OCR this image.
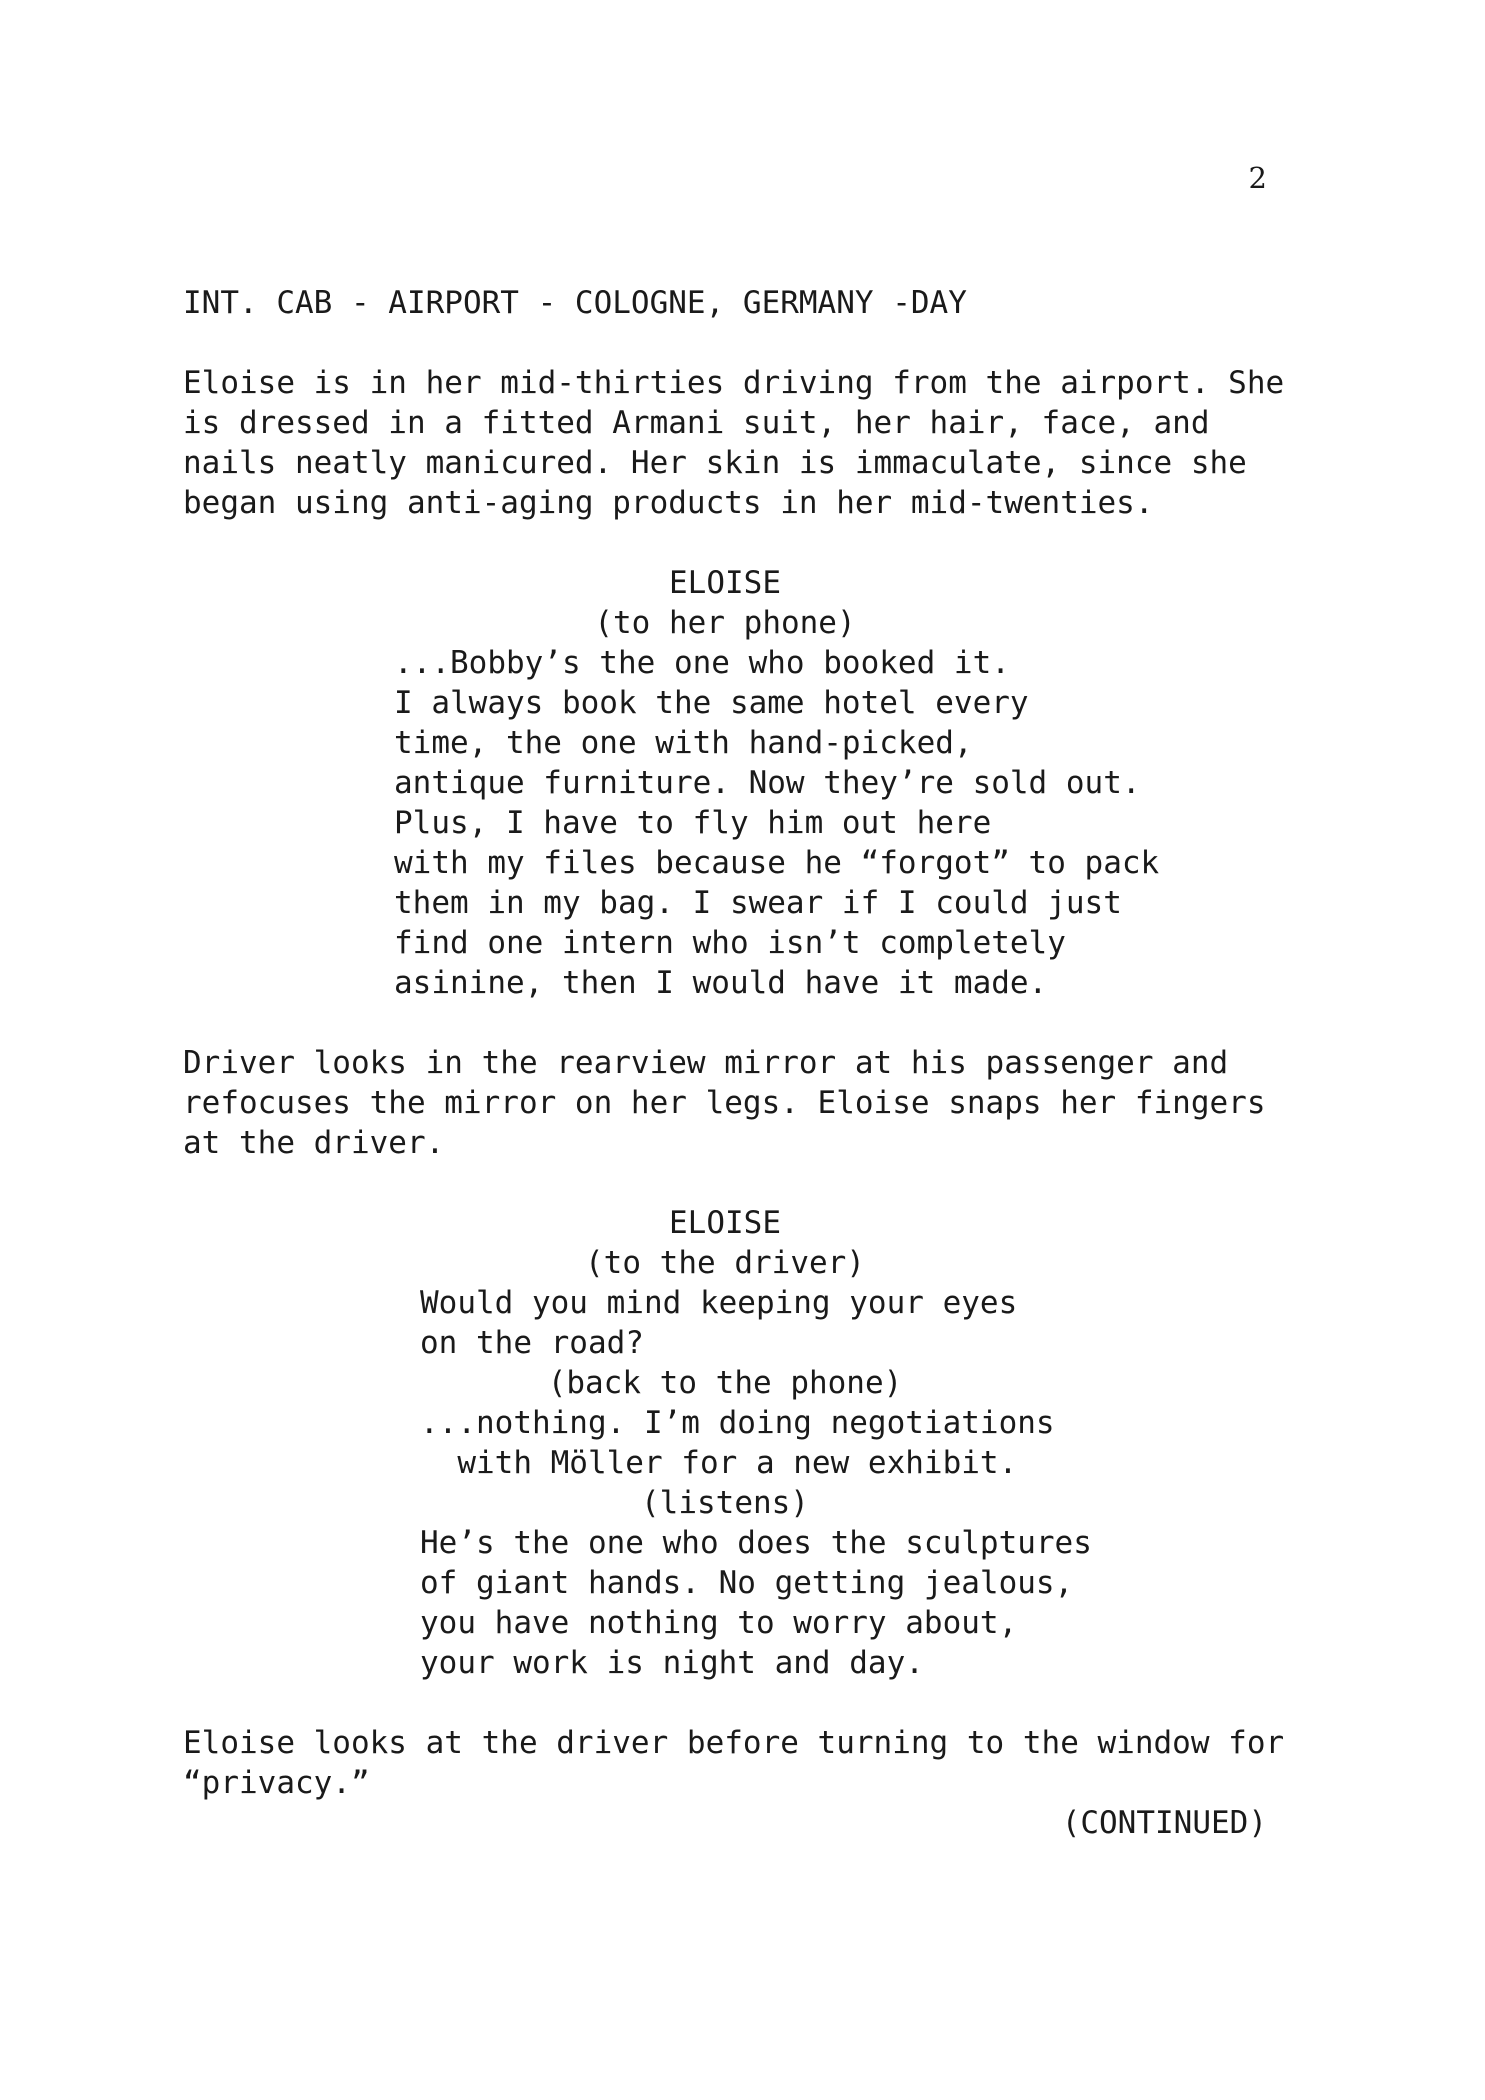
2
INT. CAB - AIRPORT - COLOGNE, GERMANY -DAY
Eloise is in her mid-thirties driving from the airport. She
is dressed in a fitted Armani suit, her hair, face, and
nails neatly manicured. Her skin is immaculate, since she
began using anti-aging products in her mid-twenties.
ELOISE
(to her phone)
...Bobby’s the one who booked it.
I always book the same hotel every
time, the one with hand-picked,
antique furniture. Now they’re sold out.
Plus, I have to fly him out here
with my files because he “forgot” to pack
them in my bag. I swear if I could just
find one intern who isn’t completely
asinine, then I would have it made.
Driver looks in the rearview mirror at his passenger and
refocuses the mirror on her legs. Eloise snaps her fingers
at the driver.
ELOISE
(to the driver)
Would you mind keeping your eyes
on the road?
(back to the phone)
...nothing. I’m doing negotiations
with Möller for a new exhibit.
(listens)
He’s the one who does the sculptures
of giant hands. No getting jealous,
you have nothing to worry about,
your work is night and day.
Eloise looks at the driver before turning to the window for
“privacy.”
(CONTINUED)
